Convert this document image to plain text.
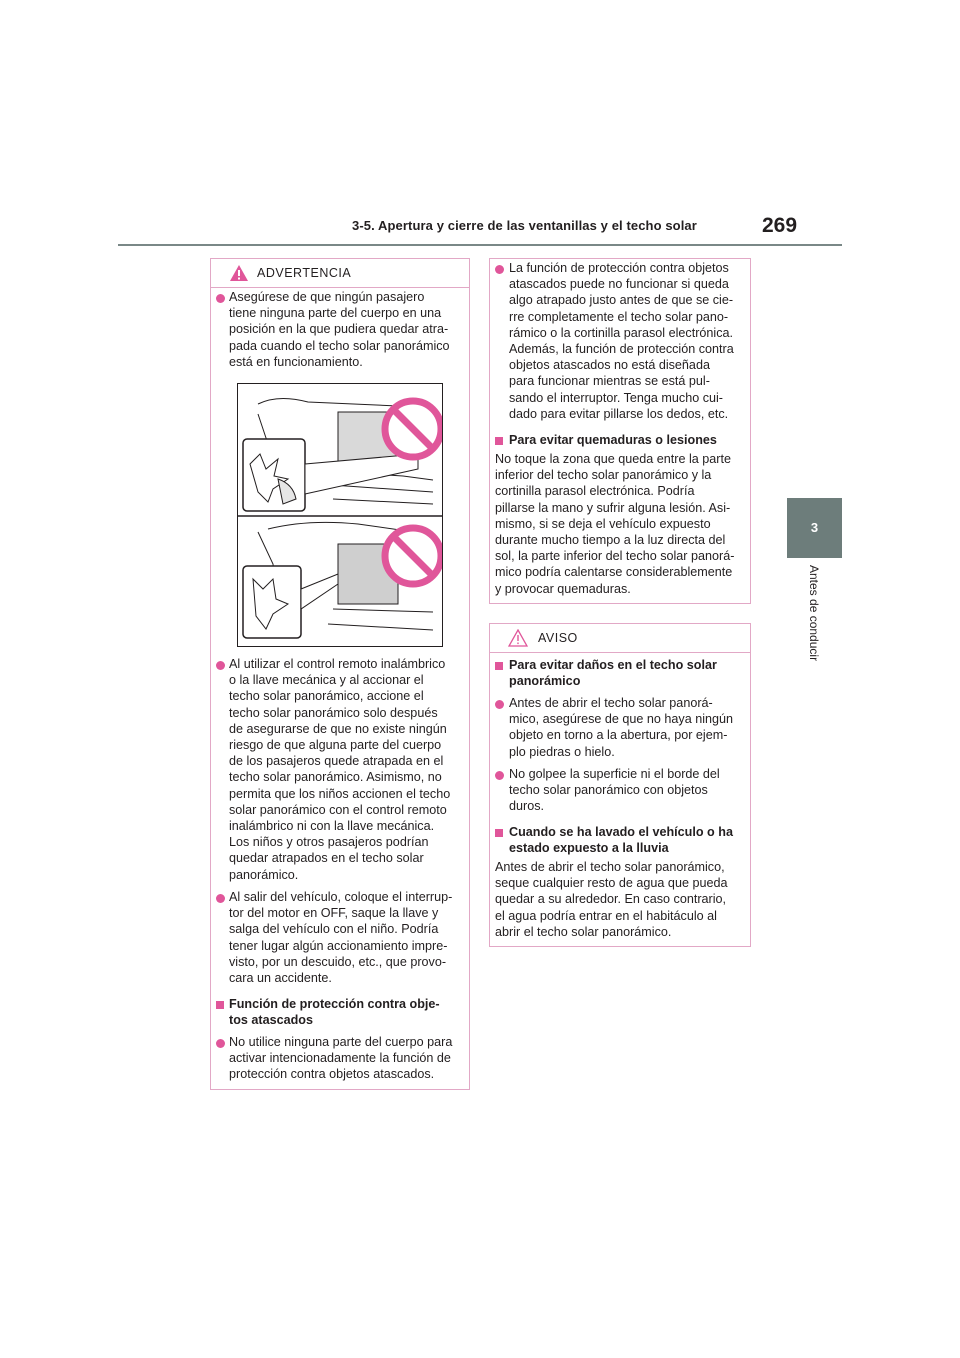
3-5. Apertura y cierre de las ventanillas y el techo solar	269
3
Antes de conducir
ADVERTENCIA
Asegúrese de que ningún pasajero
tiene ninguna parte del cuerpo en una
posición en la que pudiera quedar atra-
pada cuando el techo solar panorámico
está en funcionamiento.
Al utilizar el control remoto inalámbrico
o la llave mecánica y al accionar el
techo solar panorámico, accione el
techo solar panorámico solo después
de asegurarse de que no existe ningún
riesgo de que alguna parte del cuerpo
de los pasajeros quede atrapada en el
techo solar panorámico. Asimismo, no
permita que los niños accionen el techo
solar panorámico con el control remoto
inalámbrico ni con la llave mecánica.
Los niños y otros pasajeros podrían
quedar atrapados en el techo solar
panorámico.
Al salir del vehículo, coloque el interrup-
tor del motor en OFF, saque la llave y
salga del vehículo con el niño. Podría
tener lugar algún accionamiento impre-
visto, por un descuido, etc., que provo-
cara un accidente.
Función de protección contra obje-
tos atascados
No utilice ninguna parte del cuerpo para
activar intencionadamente la función de
protección contra objetos atascados.
La función de protección contra objetos
atascados puede no funcionar si queda
algo atrapado justo antes de que se cie-
rre completamente el techo solar pano-
rámico o la cortinilla parasol electrónica.
Además, la función de protección contra
objetos atascados no está diseñada
para funcionar mientras se está pul-
sando el interruptor. Tenga mucho cui-
dado para evitar pillarse los dedos, etc.
Para evitar quemaduras o lesiones
No toque la zona que queda entre la parte
inferior del techo solar panorámico y la
cortinilla parasol electrónica. Podría
pillarse la mano y sufrir alguna lesión. Asi-
mismo, si se deja el vehículo expuesto
durante mucho tiempo a la luz directa del
sol, la parte inferior del techo solar panorá-
mico podría calentarse considerablemente
y provocar quemaduras.
AVISO
Para evitar daños en el techo solar
panorámico
Antes de abrir el techo solar panorá-
mico, asegúrese de que no haya ningún
objeto en torno a la abertura, por ejem-
plo piedras o hielo.
No golpee la superficie ni el borde del
techo solar panorámico con objetos
duros.
Cuando se ha lavado el vehículo o ha
estado expuesto a la lluvia
Antes de abrir el techo solar panorámico,
seque cualquier resto de agua que pueda
quedar a su alrededor. En caso contrario,
el agua podría entrar en el habitáculo al
abrir el techo solar panorámico.
